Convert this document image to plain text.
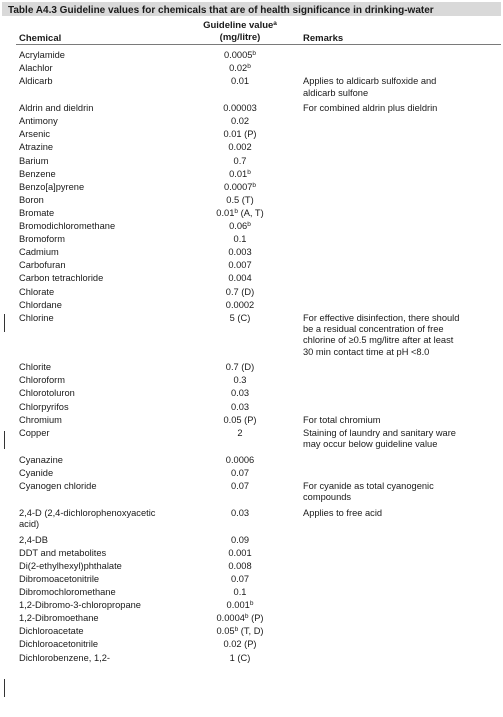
Table A4.3 Guideline values for chemicals that are of health significance in drinking-water
Chemical
Guideline value$^a$
(mg/litre)	Remarks
Acrylamide	0.0005$^b$
Alachlor	0.02$^b$
Aldicarb	0.01	Applies to aldicarb sulfoxide and
aldicarb sulfone
Aldrin and dieldrin	0.00003	For combined aldrin plus dieldrin
Antimony	0.02
Arsenic	0.01 (P)
Atrazine	0.002
Barium	0.7
Benzene	0.01$^b$
Benzo[a]pyrene	0.0007$^b$
Boron	0.5 (T)
Bromate	0.01$^b$ (A, T)
Bromodichloromethane	0.06$^b$
Bromoform	0.1
Cadmium	0.003
Carbofuran	0.007
Carbon tetrachloride	0.004
Chlorate	0.7 (D)
Chlordane	0.0002
Chlorine	5 (C)	For effective disinfection, there should
be a residual concentration of free
chlorine of ≥0.5 mg/litre after at least
30 min contact time at pH <8.0
Chlorite	0.7 (D)
Chloroform	0.3
Chlorotoluron	0.03
Chlorpyrifos	0.03
Chromium	0.05 (P)	For total chromium
Copper	2	Staining of laundry and sanitary ware
may occur below guideline value
Cyanazine	0.0006
Cyanide	0.07
Cyanogen chloride	0.07	For cyanide as total cyanogenic
compounds
2,4-D (2,4-dichlorophenoxyacetic
acid)
0.03	Applies to free acid
2,4-DB	0.09
DDT and metabolites	0.001
Di(2-ethylhexyl)phthalate	0.008
Dibromoacetonitrile	0.07
Dibromochloromethane	0.1
1,2-Dibromo-3-chloropropane	0.001$^b$
1,2-Dibromoethane	0.0004$^b$ (P)
Dichloroacetate	0.05$^b$ (T, D)
Dichloroacetonitrile	0.02 (P)
Dichlorobenzene, 1,2-	1 (C)
